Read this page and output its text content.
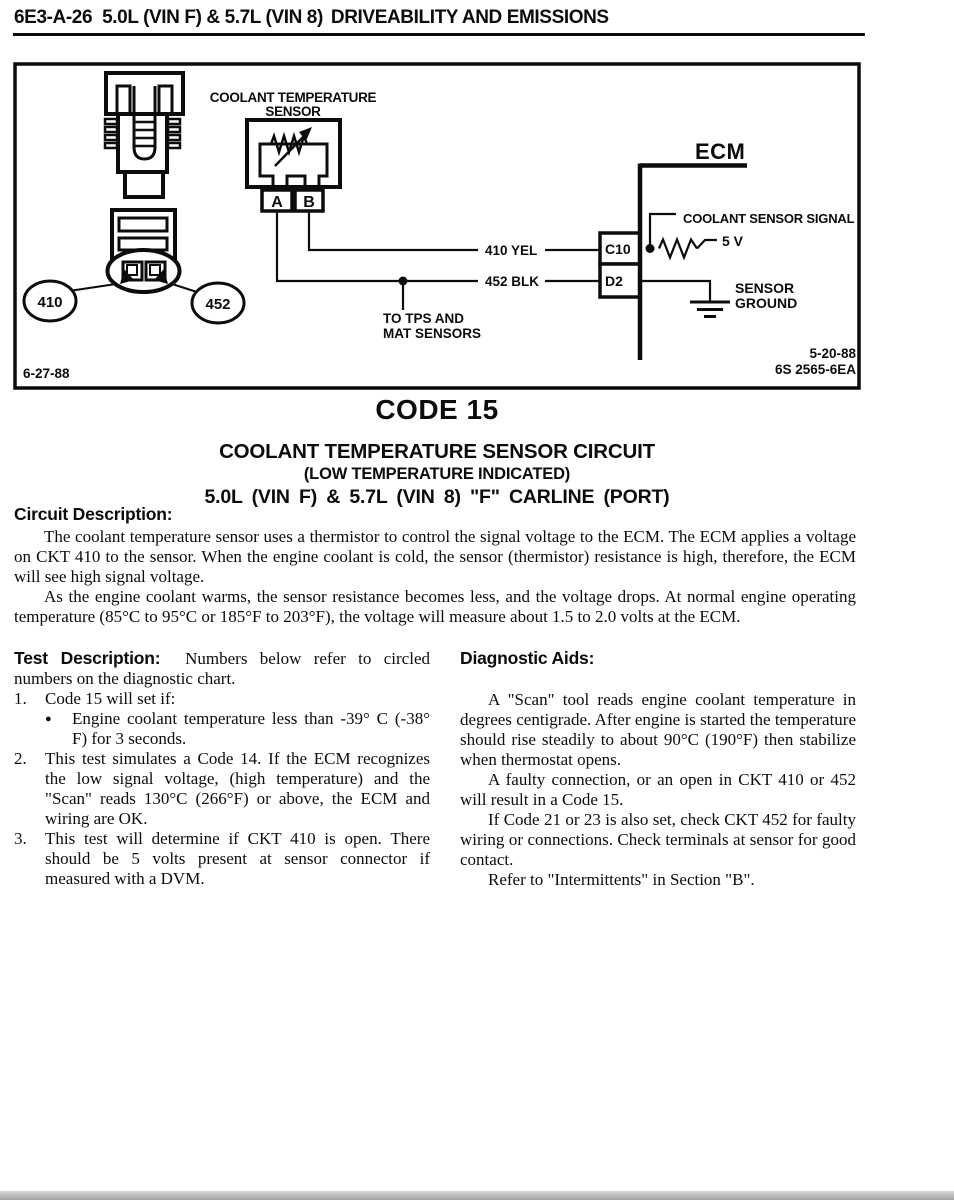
6E3-A-26 5.0L (VIN F) & 5.7L (VIN 8) DRIVEABILITY AND EMISSIONS
410	452
COOLANT TEMPERATURE
SENSOR
A B
410 YEL
452 BLK
TO TPS AND
MAT SENSORS
C10
D2
ECM
COOLANT SENSOR SIGNAL
5 V
SENSOR
GROUND
6-27-88
5-20-88
6S 2565-6EA
CODE 15
COOLANT TEMPERATURE SENSOR CIRCUIT
(LOW TEMPERATURE INDICATED)
5.0L (VIN F) & 5.7L (VIN 8) "F" CARLINE (PORT)
Circuit Description:

The coolant temperature sensor uses a thermistor to control the signal voltage to the ECM. The ECM applies a voltage on CKT 410 to the sensor. When the engine coolant is cold, the sensor (thermistor) resistance is high, therefore, the ECM will see high signal voltage.

As the engine coolant warms, the sensor resistance becomes less, and the voltage drops. At normal engine operating temperature (85°C to 95°C or 185°F to 203°F), the voltage will measure about 1.5 to 2.0 volts at the ECM.

Test Description: Numbers below refer to circled numbers on the diagnostic chart.

1.	Code 15 will set if:
●	Engine coolant temperature less than -39° C (-38° F) for 3 seconds.
2.	This test simulates a Code 14. If the ECM recognizes the low signal voltage, (high temperature) and the "Scan" reads 130°C (266°F) or above, the ECM and wiring are OK.
3.	This test will determine if CKT 410 is open. There should be 5 volts present at sensor connector if measured with a DVM.
Diagnostic Aids:

A "Scan" tool reads engine coolant temperature in degrees centigrade. After engine is started the temperature should rise steadily to about 90°C (190°F) then stabilize when thermostat opens.

A faulty connection, or an open in CKT 410 or 452 will result in a Code 15.

If Code 21 or 23 is also set, check CKT 452 for faulty wiring or connections. Check terminals at sensor for good contact.

Refer to "Intermittents" in Section "B".
